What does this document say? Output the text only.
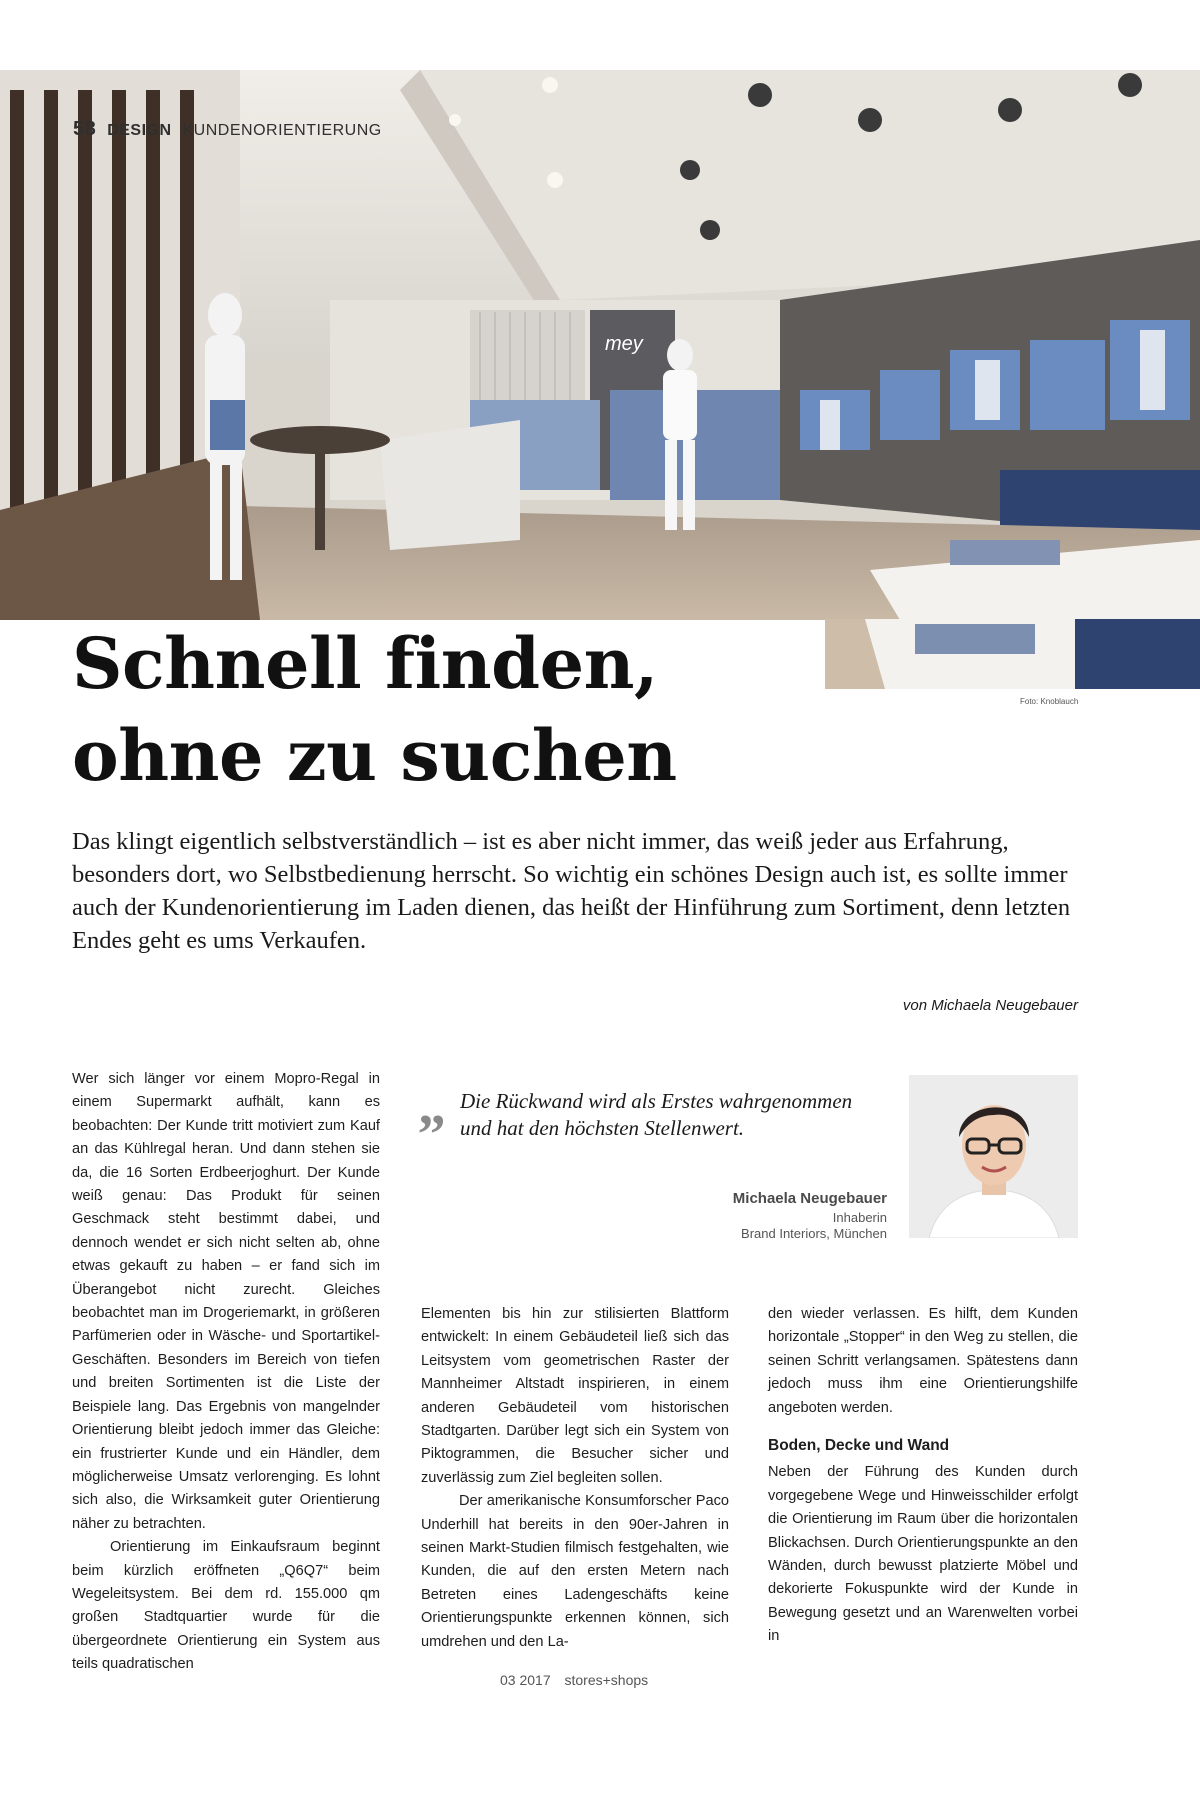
mey
58 DESIGN KUNDENORIENTIERUNG
Schnell finden, ohne zu suchen
Foto: Knoblauch

Das klingt eigentlich selbstverständlich – ist es aber nicht immer, das weiß jeder aus Erfahrung, besonders dort, wo Selbstbedienung herrscht. So wichtig ein schönes Design auch ist, es sollte immer auch der Kundenorientierung im Laden dienen, das heißt der Hinführung zum Sortiment, denn letzten Endes geht es ums Verkaufen.

von Michaela Neugebauer

Wer sich länger vor einem Mopro-Regal in einem Supermarkt aufhält, kann es beobachten: Der Kunde tritt motiviert zum Kauf an das Kühlregal heran. Und dann stehen sie da, die 16 Sorten Erdbeerjoghurt. Der Kunde weiß genau: Das Produkt für seinen Geschmack steht bestimmt dabei, und dennoch wendet er sich nicht selten ab, ohne etwas gekauft zu haben – er fand sich im Überangebot nicht zurecht. Gleiches beobachtet man im Drogeriemarkt, in größeren Parfümerien oder in Wäsche- und Sportartikel-Geschäften. Besonders im Bereich von tiefen und breiten Sortimenten ist die Liste der Beispiele lang. Das Ergebnis von mangelnder Orientierung bleibt jedoch immer das Gleiche: ein frustrierter Kunde und ein Händler, dem möglicherweise Umsatz verlorenging. Es lohnt sich also, die Wirksamkeit guter Orientierung näher zu betrachten.

Orientierung im Einkaufsraum beginnt beim kürzlich eröffneten „Q6Q7“ beim Wegeleitsystem. Bei dem rd. 155.000 qm großen Stadtquartier wurde für die übergeordnete Orientierung ein System aus teils quadratischen

„ Die Rückwand wird als Erstes wahrgenommen und hat den höchsten Stellenwert.

Michaela Neugebauer
Inhaberin
Brand Interiors, München

Elementen bis hin zur stilisierten Blattform entwickelt: In einem Gebäudeteil ließ sich das Leitsystem vom geometrischen Raster der Mannheimer Altstadt inspirieren, in einem anderen Gebäudeteil vom historischen Stadtgarten. Darüber legt sich ein System von Piktogrammen, die Besucher sicher und zuverlässig zum Ziel begleiten sollen.

Der amerikanische Konsumforscher Paco Underhill hat bereits in den 90er-Jahren in seinen Markt-Studien filmisch festgehalten, wie Kunden, die auf den ersten Metern nach Betreten eines Ladengeschäfts keine Orientierungspunkte erkennen können, sich umdrehen und den La-

den wieder verlassen. Es hilft, dem Kunden horizontale „Stopper“ in den Weg zu stellen, die seinen Schritt verlangsamen. Spätestens dann jedoch muss ihm eine Orientierungshilfe angeboten werden.

Boden, Decke und Wand

Neben der Führung des Kunden durch vorgegebene Wege und Hinweisschilder erfolgt die Orientierung im Raum über die horizontalen Blickachsen. Durch Orientierungspunkte an den Wänden, durch bewusst platzierte Möbel und dekorierte Fokuspunkte wird der Kunde in Bewegung gesetzt und an Warenwelten vorbei in

03 2017 stores+shops
